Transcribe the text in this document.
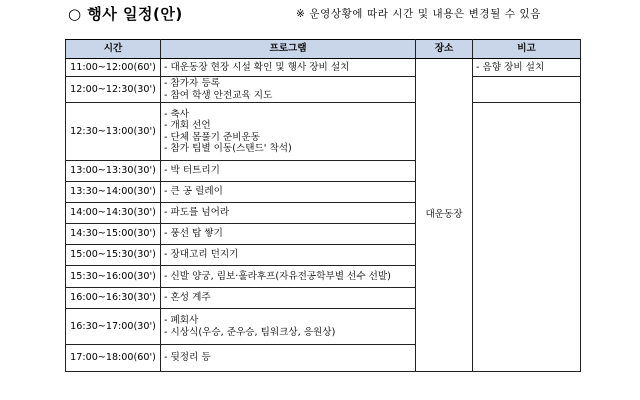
○ 행사 일정(안)	※ 운영상황에 따라 시간 및 내용은 변경될 수 있음
시간	프로그램	장소	비고
11:00~12:00(60')	- 대운동장 현장 시설 확인 및 행사 장비 설치	대운동장	- 음향 장비 설치
12:00~12:30(30')	- 참가자 등록
- 참여 학생 안전교육 지도		

12:30~13:00(30')	- 축사
- 개회 선언
- 단체 몸풀기 준비운동
- 참가 팀별 이동(스탠드' 착석)		

13:00~13:30(30')	- 박 터트리기		

13:30~14:00(30')	- 큰 공 릴레이		

14:00~14:30(30')	- 파도를 넘어라		

14:30~15:00(30')	- 풍선 탑 쌓기		

15:00~15:30(30')	- 장대고리 던지기		

15:30~16:00(30')	- 신발 양궁, 림보·훌라후프(자유전공학부별 선수 선발)		

16:00~16:30(30')	- 혼성 계주		

16:30~17:00(30')	- 폐회사
- 시상식(우승, 준우승, 팀워크상, 응원상)		

17:00~18:00(60')	- 뒷정리 등		
